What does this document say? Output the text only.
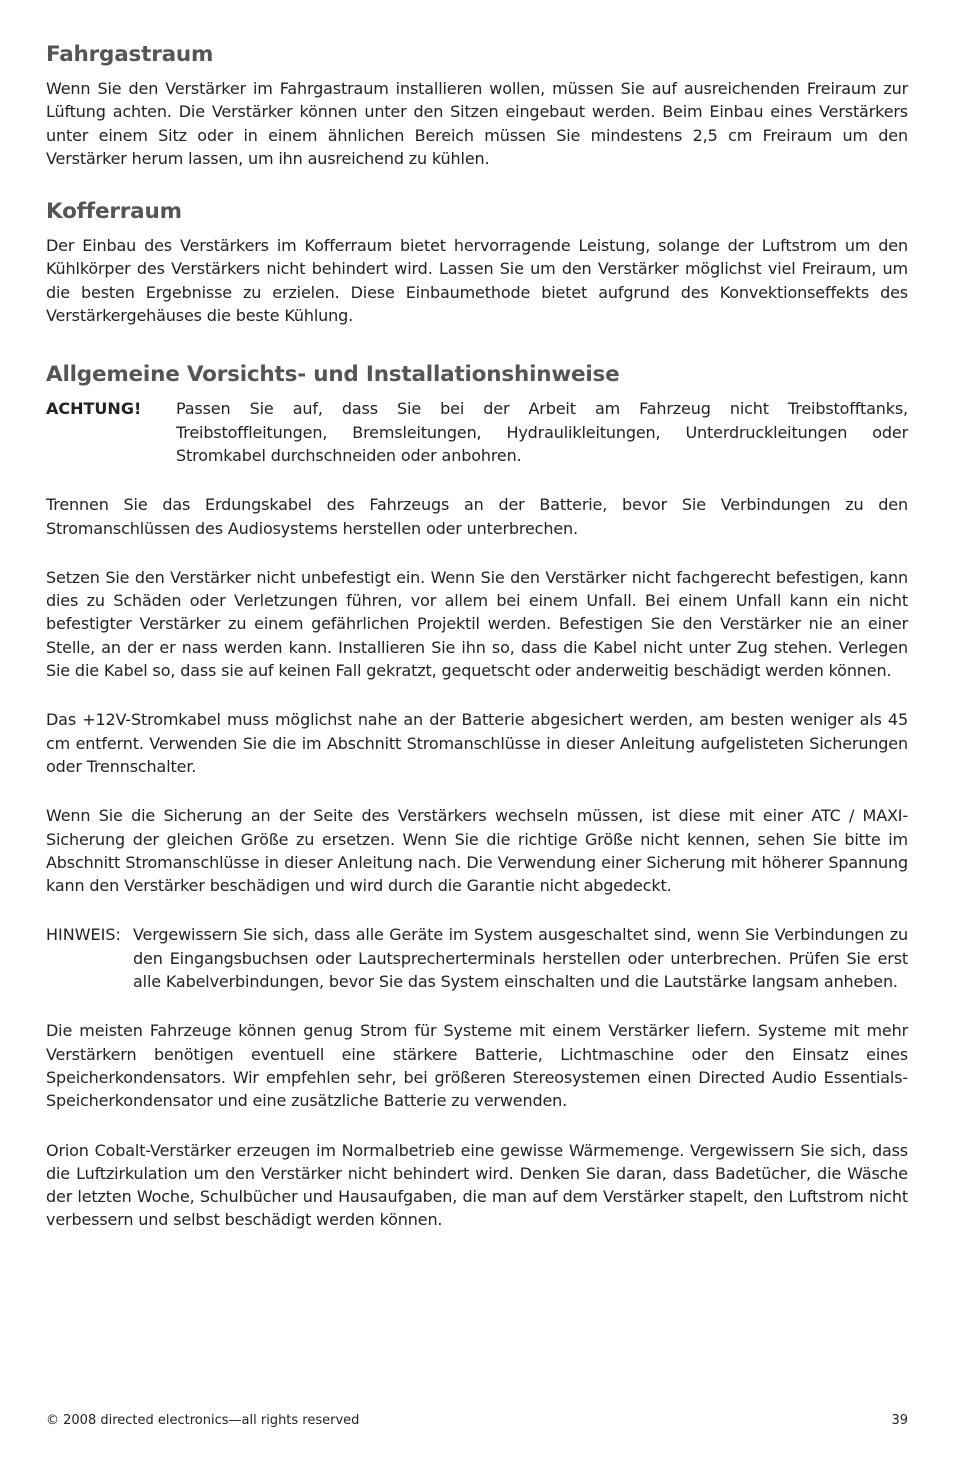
Fahrgastraum

Wenn Sie den Verstärker im Fahrgastraum installieren wollen, müssen Sie auf ausreichenden Freiraum zur Lüftung achten. Die Verstärker können unter den Sitzen eingebaut werden. Beim Einbau eines Verstärkers unter einem Sitz oder in einem ähnlichen Bereich müssen Sie mindestens 2,5 cm Freiraum um den Verstärker herum lassen, um ihn ausreichend zu kühlen.

Kofferraum

Der Einbau des Verstärkers im Kofferraum bietet hervorragende Leistung, solange der Luftstrom um den Kühlkörper des Verstärkers nicht behindert wird. Lassen Sie um den Verstärker möglichst viel Freiraum, um die besten Ergebnisse zu erzielen. Diese Einbaumethode bietet aufgrund des Konvektionseffekts des Verstärkergehäuses die beste Kühlung.

Allgemeine Vorsichts- und Installationshinweise
ACHTUNG!	Passen Sie auf, dass Sie bei der Arbeit am Fahrzeug nicht Treibstofftanks, Treibstoffleitungen, Bremsleitungen, Hydraulikleitungen, Unterdruckleitungen oder Stromkabel durchschneiden oder anbohren.

Trennen Sie das Erdungskabel des Fahrzeugs an der Batterie, bevor Sie Verbindungen zu den Stromanschlüssen des Audiosystems herstellen oder unterbrechen.

Setzen Sie den Verstärker nicht unbefestigt ein. Wenn Sie den Verstärker nicht fachgerecht befestigen, kann dies zu Schäden oder Verletzungen führen, vor allem bei einem Unfall. Bei einem Unfall kann ein nicht befestigter Verstärker zu einem gefährlichen Projektil werden. Befestigen Sie den Verstärker nie an einer Stelle, an der er nass werden kann. Installieren Sie ihn so, dass die Kabel nicht unter Zug stehen. Verlegen Sie die Kabel so, dass sie auf keinen Fall gekratzt, gequetscht oder anderweitig beschädigt werden können.

Das +12V-Stromkabel muss möglichst nahe an der Batterie abgesichert werden, am besten weniger als 45 cm entfernt. Verwenden Sie die im Abschnitt Stromanschlüsse in dieser Anleitung aufgelisteten Sicherungen oder Trennschalter.

Wenn Sie die Sicherung an der Seite des Verstärkers wechseln müssen, ist diese mit einer ATC / MAXI-Sicherung der gleichen Größe zu ersetzen. Wenn Sie die richtige Größe nicht kennen, sehen Sie bitte im Abschnitt Stromanschlüsse in dieser Anleitung nach. Die Verwendung einer Sicherung mit höherer Spannung kann den Verstärker beschädigen und wird durch die Garantie nicht abgedeckt.

HINWEIS: Vergewissern Sie sich, dass alle Geräte im System ausgeschaltet sind, wenn Sie Verbindungen zu den Eingangsbuchsen oder Lautsprecherterminals herstellen oder unterbrechen. Prüfen Sie erst alle Kabelverbindungen, bevor Sie das System einschalten und die Lautstärke langsam anheben.

Die meisten Fahrzeuge können genug Strom für Systeme mit einem Verstärker liefern. Systeme mit mehr Verstärkern benötigen eventuell eine stärkere Batterie, Lichtmaschine oder den Einsatz eines Speicherkondensators. Wir empfehlen sehr, bei größeren Stereosystemen einen Directed Audio Essentials-Speicherkondensator und eine zusätzliche Batterie zu verwenden.

Orion Cobalt-Verstärker erzeugen im Normalbetrieb eine gewisse Wärmemenge. Vergewissern Sie sich, dass die Luftzirkulation um den Verstärker nicht behindert wird. Denken Sie daran, dass Badetücher, die Wäsche der letzten Woche, Schulbücher und Hausaufgaben, die man auf dem Verstärker stapelt, den Luftstrom nicht verbessern und selbst beschädigt werden können.

© 2008 directed electronics—all rights reserved	39
